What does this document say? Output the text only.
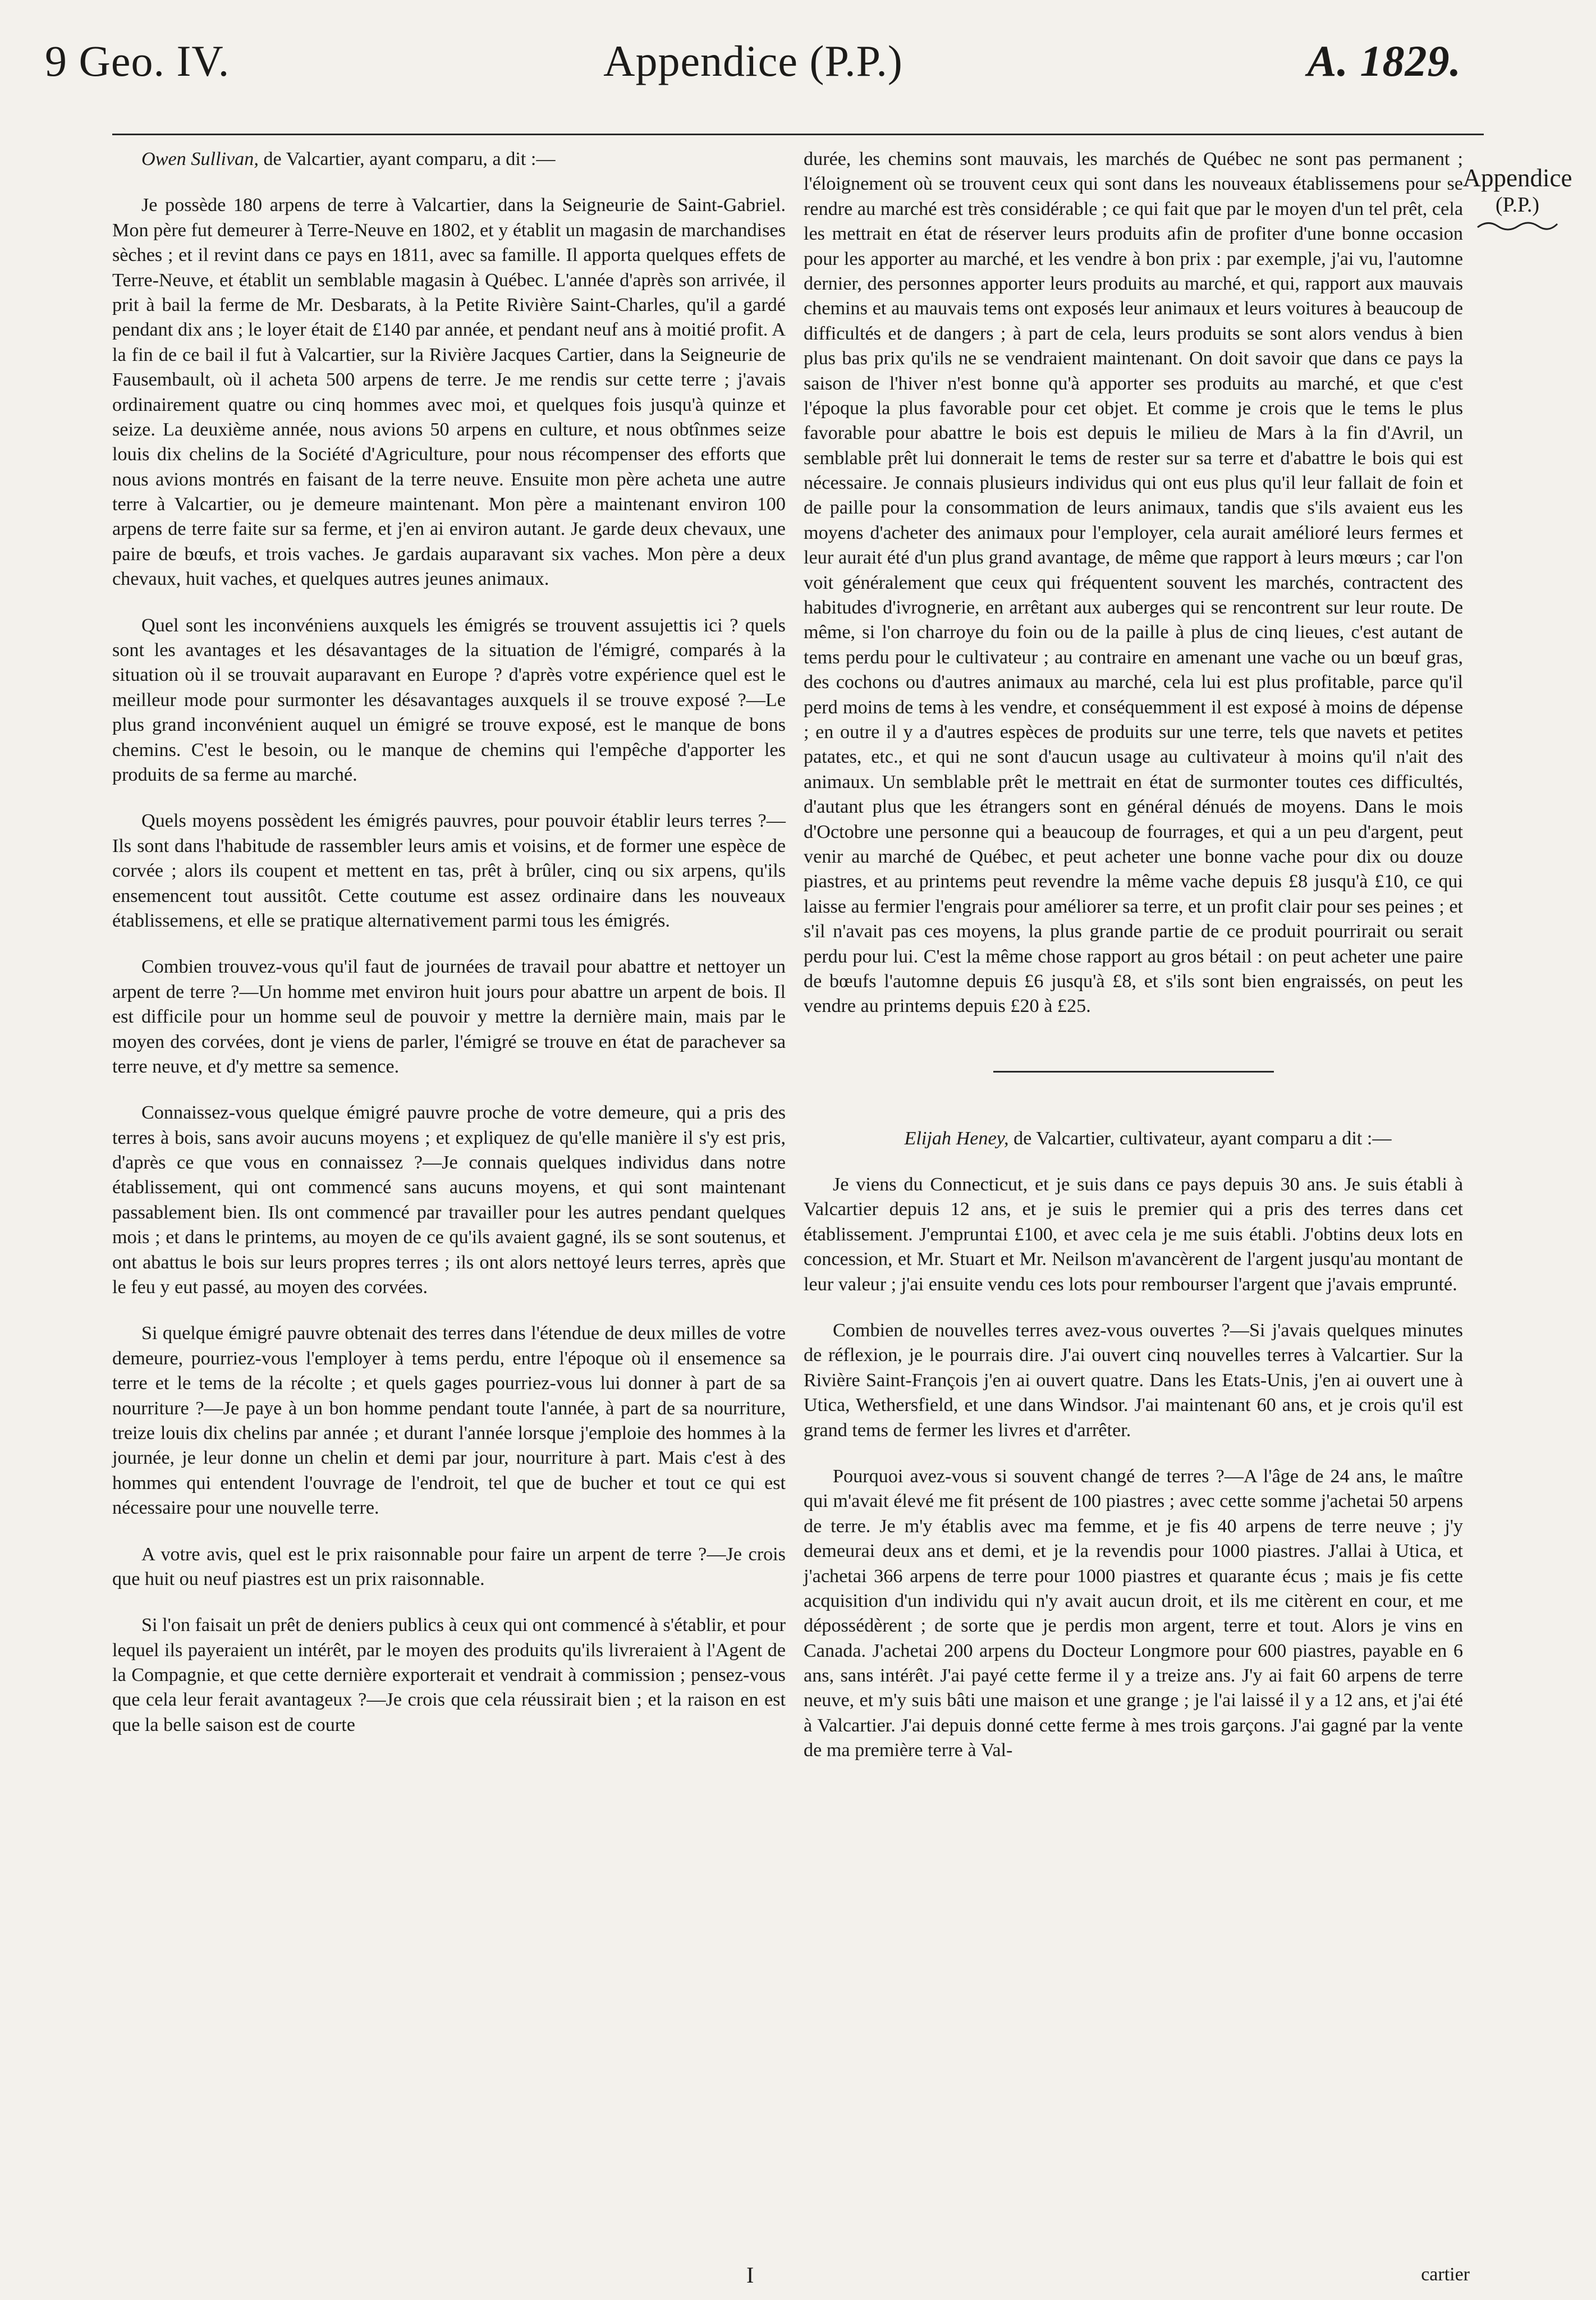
9 Geo. IV.	Appendice (P.P.)	A. 1829.
Appendice
(P.P.)

Owen Sullivan, de Valcartier, ayant comparu, a dit :—

Je possède 180 arpens de terre à Valcartier, dans la Seigneurie de Saint-Gabriel. Mon père fut demeurer à Terre-Neuve en 1802, et y établit un magasin de marchandises sèches ; et il revint dans ce pays en 1811, avec sa famille. Il apporta quelques effets de Terre-Neuve, et établit un semblable magasin à Québec. L'année d'après son arrivée, il prit à bail la ferme de Mr. Desbarats, à la Petite Rivière Saint-Charles, qu'il a gardé pendant dix ans ; le loyer était de £140 par année, et pendant neuf ans à moitié profit. A la fin de ce bail il fut à Valcartier, sur la Rivière Jacques Cartier, dans la Seigneurie de Fausembault, où il acheta 500 arpens de terre. Je me rendis sur cette terre ; j'avais ordinairement quatre ou cinq hommes avec moi, et quelques fois jusqu'à quinze et seize. La deuxième année, nous avions 50 arpens en culture, et nous obtînmes seize louis dix chelins de la Société d'Agriculture, pour nous récompenser des efforts que nous avions montrés en faisant de la terre neuve. Ensuite mon père acheta une autre terre à Valcartier, ou je demeure maintenant. Mon père a maintenant environ 100 arpens de terre faite sur sa ferme, et j'en ai environ autant. Je garde deux chevaux, une paire de bœufs, et trois vaches. Je gardais auparavant six vaches. Mon père a deux chevaux, huit vaches, et quelques autres jeunes animaux.

Quel sont les inconvéniens auxquels les émigrés se trouvent assujettis ici ? quels sont les avantages et les désavantages de la situation de l'émigré, comparés à la situation où il se trouvait auparavant en Europe ? d'après votre expérience quel est le meilleur mode pour surmonter les désavantages auxquels il se trouve exposé ?—Le plus grand inconvénient auquel un émigré se trouve exposé, est le manque de bons chemins. C'est le besoin, ou le manque de chemins qui l'empêche d'apporter les produits de sa ferme au marché.

Quels moyens possèdent les émigrés pauvres, pour pouvoir établir leurs terres ?—Ils sont dans l'habitude de rassembler leurs amis et voisins, et de former une espèce de corvée ; alors ils coupent et mettent en tas, prêt à brûler, cinq ou six arpens, qu'ils ensemencent tout aussitôt. Cette coutume est assez ordinaire dans les nouveaux établissemens, et elle se pratique alternativement parmi tous les émigrés.

Combien trouvez-vous qu'il faut de journées de travail pour abattre et nettoyer un arpent de terre ?—Un homme met environ huit jours pour abattre un arpent de bois. Il est difficile pour un homme seul de pouvoir y mettre la dernière main, mais par le moyen des corvées, dont je viens de parler, l'émigré se trouve en état de parachever sa terre neuve, et d'y mettre sa semence.

Connaissez-vous quelque émigré pauvre proche de votre demeure, qui a pris des terres à bois, sans avoir aucuns moyens ; et expliquez de qu'elle manière il s'y est pris, d'après ce que vous en connaissez ?—Je connais quelques individus dans notre établissement, qui ont commencé sans aucuns moyens, et qui sont maintenant passablement bien. Ils ont commencé par travailler pour les autres pendant quelques mois ; et dans le printems, au moyen de ce qu'ils avaient gagné, ils se sont soutenus, et ont abattus le bois sur leurs propres terres ; ils ont alors nettoyé leurs terres, après que le feu y eut passé, au moyen des corvées.

Si quelque émigré pauvre obtenait des terres dans l'étendue de deux milles de votre demeure, pourriez-vous l'employer à tems perdu, entre l'époque où il ensemence sa terre et le tems de la récolte ; et quels gages pourriez-vous lui donner à part de sa nourriture ?—Je paye à un bon homme pendant toute l'année, à part de sa nourriture, treize louis dix chelins par année ; et durant l'année lorsque j'emploie des hommes à la journée, je leur donne un chelin et demi par jour, nourriture à part. Mais c'est à des hommes qui entendent l'ouvrage de l'endroit, tel que de bucher et tout ce qui est nécessaire pour une nouvelle terre.

A votre avis, quel est le prix raisonnable pour faire un arpent de terre ?—Je crois que huit ou neuf piastres est un prix raisonnable.

Si l'on faisait un prêt de deniers publics à ceux qui ont commencé à s'établir, et pour lequel ils payeraient un intérêt, par le moyen des produits qu'ils livreraient à l'Agent de la Compagnie, et que cette dernière exporterait et vendrait à commission ; pensez-vous que cela leur ferait avantageux ?—Je crois que cela réussirait bien ; et la raison en est que la belle saison est de courte

durée, les chemins sont mauvais, les marchés de Québec ne sont pas permanent ; l'éloignement où se trouvent ceux qui sont dans les nouveaux établissemens pour se rendre au marché est très considérable ; ce qui fait que par le moyen d'un tel prêt, cela les mettrait en état de réserver leurs produits afin de profiter d'une bonne occasion pour les apporter au marché, et les vendre à bon prix : par exemple, j'ai vu, l'automne dernier, des personnes apporter leurs produits au marché, et qui, rapport aux mauvais chemins et au mauvais tems ont exposés leur animaux et leurs voitures à beaucoup de difficultés et de dangers ; à part de cela, leurs produits se sont alors vendus à bien plus bas prix qu'ils ne se vendraient maintenant. On doit savoir que dans ce pays la saison de l'hiver n'est bonne qu'à apporter ses produits au marché, et que c'est l'époque la plus favorable pour cet objet. Et comme je crois que le tems le plus favorable pour abattre le bois est depuis le milieu de Mars à la fin d'Avril, un semblable prêt lui donnerait le tems de rester sur sa terre et d'abattre le bois qui est nécessaire. Je connais plusieurs individus qui ont eus plus qu'il leur fallait de foin et de paille pour la consommation de leurs animaux, tandis que s'ils avaient eus les moyens d'acheter des animaux pour l'employer, cela aurait amélioré leurs fermes et leur aurait été d'un plus grand avantage, de même que rapport à leurs mœurs ; car l'on voit généralement que ceux qui fréquentent souvent les marchés, contractent des habitudes d'ivrognerie, en arrêtant aux auberges qui se rencontrent sur leur route. De même, si l'on charroye du foin ou de la paille à plus de cinq lieues, c'est autant de tems perdu pour le cultivateur ; au contraire en amenant une vache ou un bœuf gras, des cochons ou d'autres animaux au marché, cela lui est plus profitable, parce qu'il perd moins de tems à les vendre, et conséquemment il est exposé à moins de dépense ; en outre il y a d'autres espèces de produits sur une terre, tels que navets et petites patates, etc., et qui ne sont d'aucun usage au cultivateur à moins qu'il n'ait des animaux. Un semblable prêt le mettrait en état de surmonter toutes ces difficultés, d'autant plus que les étrangers sont en général dénués de moyens. Dans le mois d'Octobre une personne qui a beaucoup de fourrages, et qui a un peu d'argent, peut venir au marché de Québec, et peut acheter une bonne vache pour dix ou douze piastres, et au printems peut revendre la même vache depuis £8 jusqu'à £10, ce qui laisse au fermier l'engrais pour améliorer sa terre, et un profit clair pour ses peines ; et s'il n'avait pas ces moyens, la plus grande partie de ce produit pourrirait ou serait perdu pour lui. C'est la même chose rapport au gros bétail : on peut acheter une paire de bœufs l'automne depuis £6 jusqu'à £8, et s'ils sont bien engraissés, on peut les vendre au printems depuis £20 à £25.

Elijah Heney, de Valcartier, cultivateur, ayant comparu a dit :—

Je viens du Connecticut, et je suis dans ce pays depuis 30 ans. Je suis établi à Valcartier depuis 12 ans, et je suis le premier qui a pris des terres dans cet établissement. J'empruntai £100, et avec cela je me suis établi. J'obtins deux lots en concession, et Mr. Stuart et Mr. Neilson m'avancèrent de l'argent jusqu'au montant de leur valeur ; j'ai ensuite vendu ces lots pour rembourser l'argent que j'avais emprunté.

Combien de nouvelles terres avez-vous ouvertes ?—Si j'avais quelques minutes de réflexion, je le pourrais dire. J'ai ouvert cinq nouvelles terres à Valcartier. Sur la Rivière Saint-François j'en ai ouvert quatre. Dans les Etats-Unis, j'en ai ouvert une à Utica, Wethersfield, et une dans Windsor. J'ai maintenant 60 ans, et je crois qu'il est grand tems de fermer les livres et d'arrêter.

Pourquoi avez-vous si souvent changé de terres ?—A l'âge de 24 ans, le maître qui m'avait élevé me fit présent de 100 piastres ; avec cette somme j'achetai 50 arpens de terre. Je m'y établis avec ma femme, et je fis 40 arpens de terre neuve ; j'y demeurai deux ans et demi, et je la revendis pour 1000 piastres. J'allai à Utica, et j'achetai 366 arpens de terre pour 1000 piastres et quarante écus ; mais je fis cette acquisition d'un individu qui n'y avait aucun droit, et ils me citèrent en cour, et me dépossédèrent ; de sorte que je perdis mon argent, terre et tout. Alors je vins en Canada. J'achetai 200 arpens du Docteur Longmore pour 600 piastres, payable en 6 ans, sans intérêt. J'ai payé cette ferme il y a treize ans. J'y ai fait 60 arpens de terre neuve, et m'y suis bâti une maison et une grange ; je l'ai laissé il y a 12 ans, et j'ai été à Valcartier. J'ai depuis donné cette ferme à mes trois garçons. J'ai gagné par la vente de ma première terre à Val-

I	cartier
